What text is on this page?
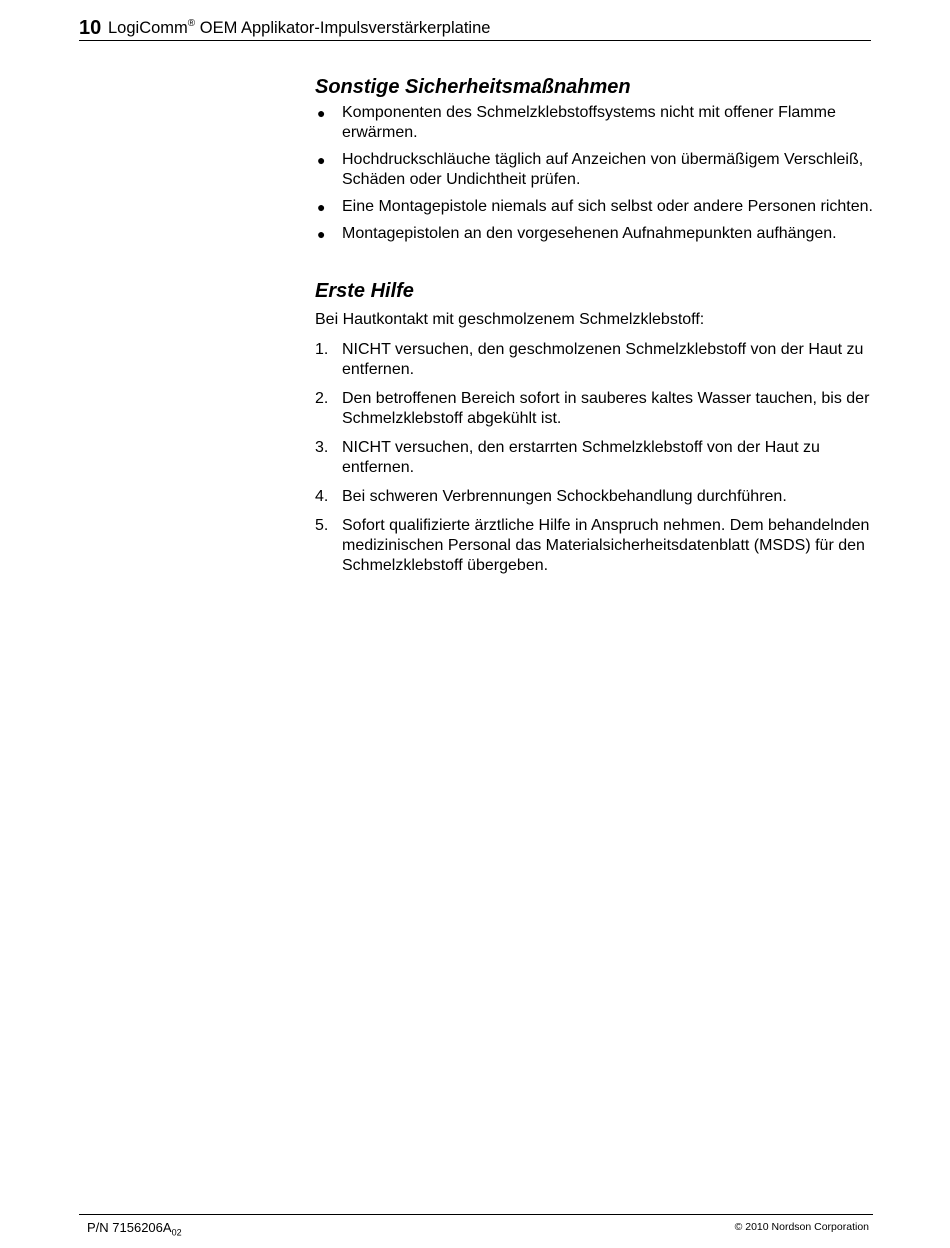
10 LogiComm® OEM Applikator-Impulsverstärkerplatine
Sonstige Sicherheitsmaßnahmen
● Komponenten des Schmelzklebstoffsystems nicht mit offener Flamme erwärmen.
● Hochdruckschläuche täglich auf Anzeichen von übermäßigem Verschleiß, Schäden oder Undichtheit prüfen.
● Eine Montagepistole niemals auf sich selbst oder andere Personen richten.
● Montagepistolen an den vorgesehenen Aufnahmepunkten aufhängen.
Erste Hilfe

Bei Hautkontakt mit geschmolzenem Schmelzklebstoff:

1. NICHT versuchen, den geschmolzenen Schmelzklebstoff von der Haut zu entfernen.
2. Den betroffenen Bereich sofort in sauberes kaltes Wasser tauchen, bis der Schmelzklebstoff abgekühlt ist.
3. NICHT versuchen, den erstarrten Schmelzklebstoff von der Haut zu entfernen.
4. Bei schweren Verbrennungen Schockbehandlung durchführen.
5. Sofort qualifizierte ärztliche Hilfe in Anspruch nehmen. Dem behandelnden medizinischen Personal das Materialsicherheitsdatenblatt (MSDS) für den Schmelzklebstoff übergeben.
P/N $7156206A_{02}$	© 2010 Nordson Corporation
